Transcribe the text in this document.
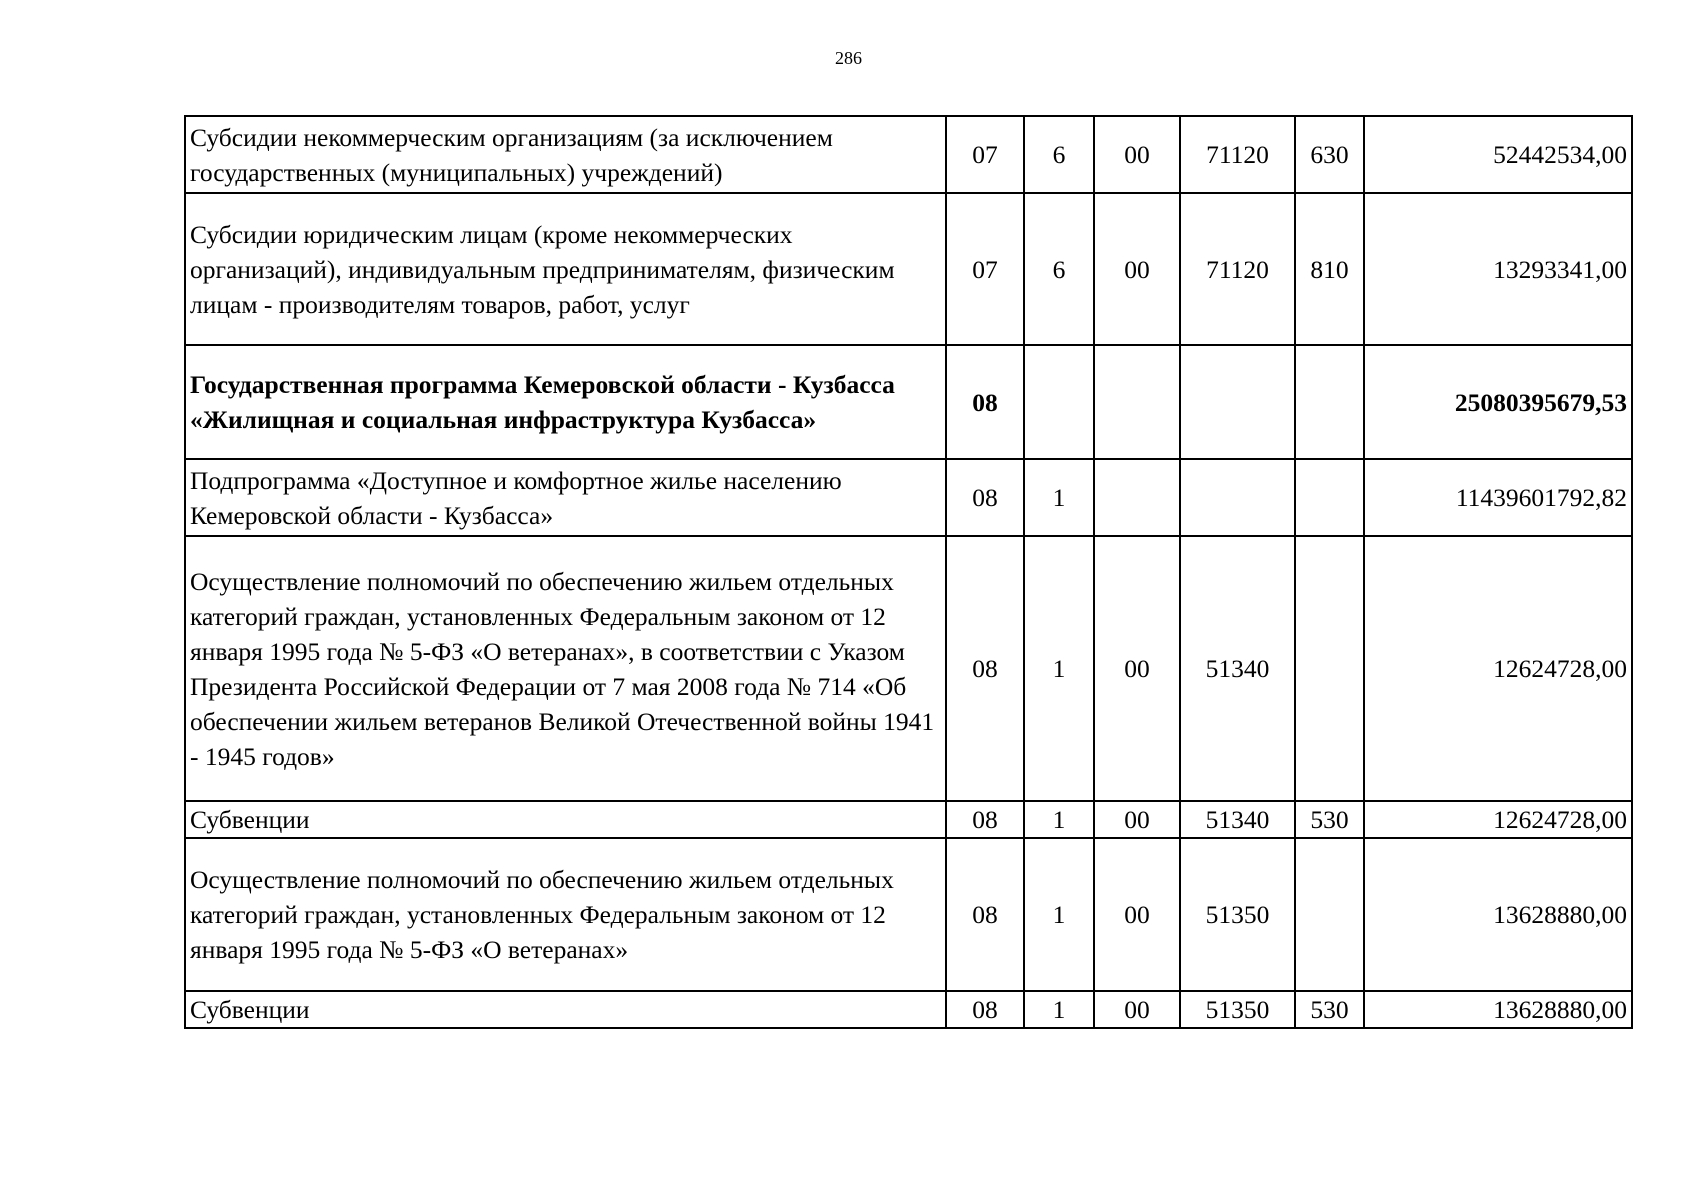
286
Субсидии некоммерческим организациям (за исключением государственных (муниципальных) учреждений)	07	6	00	71120	630	52442534,00
Субсидии юридическим лицам (кроме некоммерческих организаций), индивидуальным предпринимателям, физическим лицам - производителям товаров, работ, услуг	07	6	00	71120	810	13293341,00
Государственная программа Кемеровской области - Кузбасса «Жилищная и социальная инфраструктура Кузбасса»	08					25080395679,53
Подпрограмма «Доступное и комфортное жилье населению Кемеровской области - Кузбасса»	08	1				11439601792,82
Осуществление полномочий по обеспечению жильем отдельных категорий граждан, установленных Федеральным законом от 12 января 1995 года № 5-ФЗ «О ветеранах», в соответствии с Указом Президента Российской Федерации от 7 мая 2008 года № 714 «Об обеспечении жильем ветеранов Великой Отечественной войны 1941 - 1945 годов»	08	1	00	51340		12624728,00
Субвенции	08	1	00	51340	530	12624728,00
Осуществление полномочий по обеспечению жильем отдельных категорий граждан, установленных Федеральным законом от 12 января 1995 года № 5-ФЗ «О ветеранах»	08	1	00	51350		13628880,00
Субвенции	08	1	00	51350	530	13628880,00
